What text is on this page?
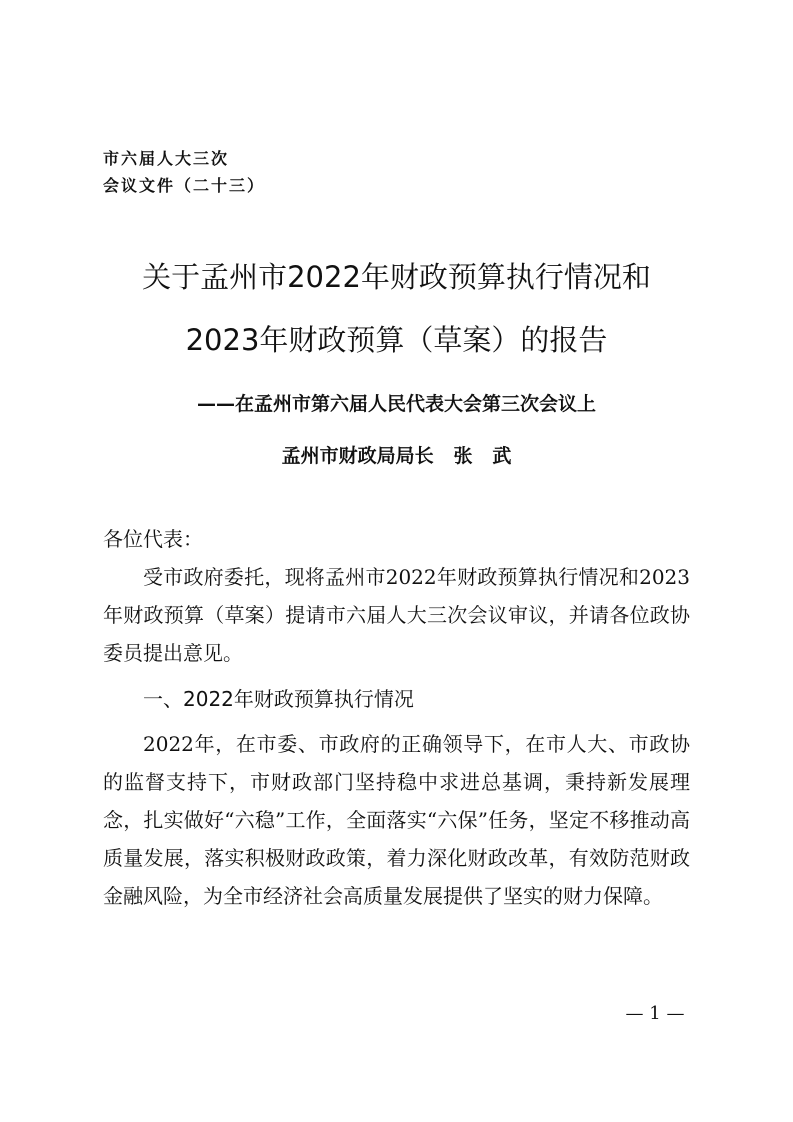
市六届人大三次
会议文件（二十三）
关于孟州市2022年财政预算执行情况和
2023年财政预算（草案）的报告
——在孟州市第六届人民代表大会第三次会议上
孟州市财政局局长   张   武
各位代表：
受市政府委托，现将孟州市2022年财政预算执行情况和2023年财政预算（草案）提请市六届人大三次会议审议，并请各位政协委员提出意见。
一、2022年财政预算执行情况
2022年，在市委、市政府的正确领导下，在市人大、市政协的监督支持下，市财政部门坚持稳中求进总基调，秉持新发展理念，扎实做好“六稳”工作，全面落实“六保”任务，坚定不移推动高质量发展，落实积极财政政策，着力深化财政改革，有效防范财政金融风险，为全市经济社会高质量发展提供了坚实的财力保障。
— 1 —
